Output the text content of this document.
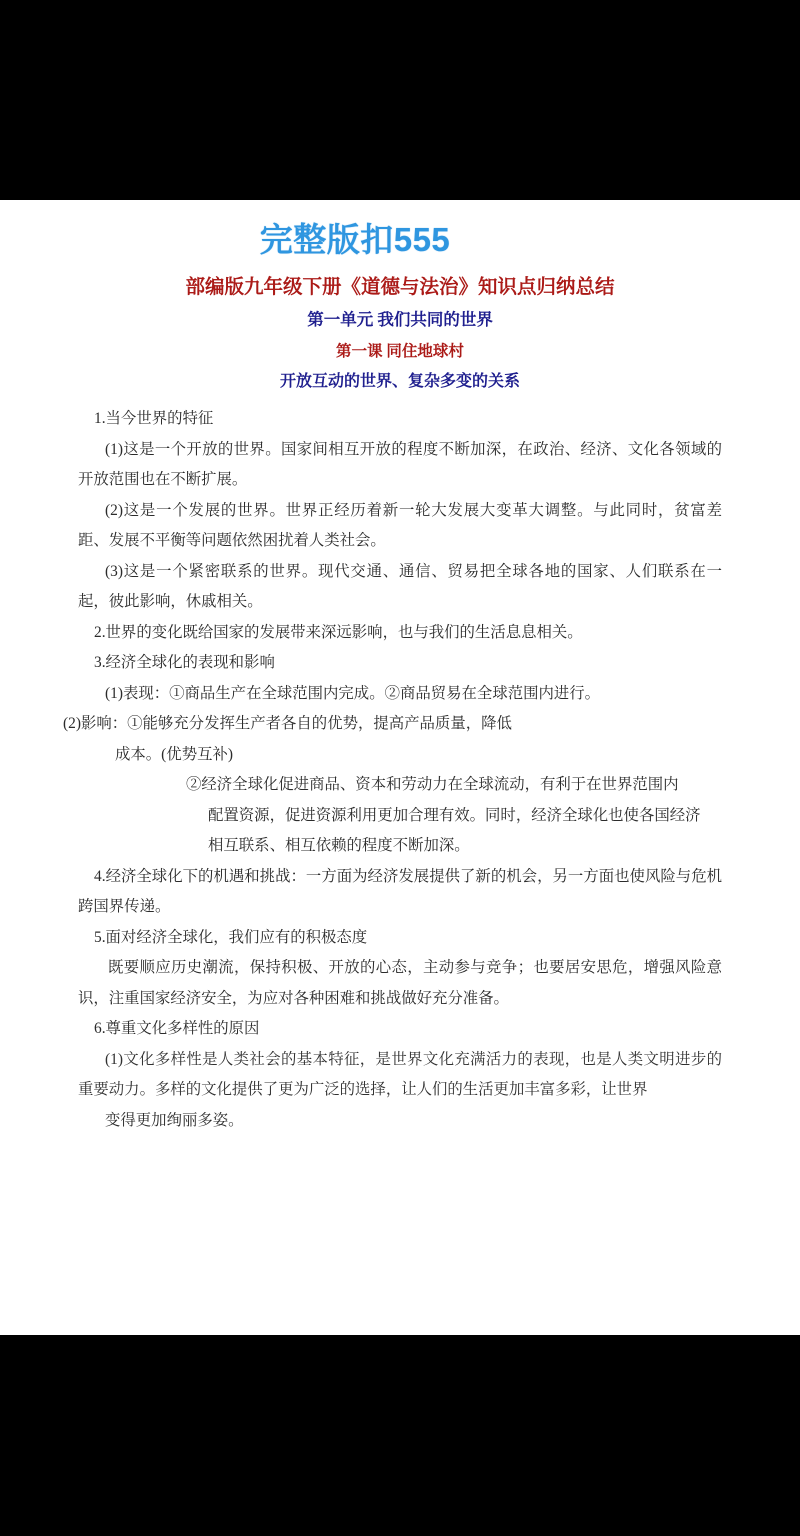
完整版扣555
部编版九年级下册《道德与法治》知识点归纳总结
第一单元 我们共同的世界
第一课 同住地球村
开放互动的世界、复杂多变的关系

1.当今世界的特征

(1)这是一个开放的世界。国家间相互开放的程度不断加深，在政治、经济、文化各领域的开放范围也在不断扩展。

(2)这是一个发展的世界。世界正经历着新一轮大发展大变革大调整。与此同时，贫富差距、发展不平衡等问题依然困扰着人类社会。

(3)这是一个紧密联系的世界。现代交通、通信、贸易把全球各地的国家、人们联系在一起，彼此影响，休戚相关。

2.世界的变化既给国家的发展带来深远影响，也与我们的生活息息相关。

3.经济全球化的表现和影响

(1)表现：①商品生产在全球范围内完成。②商品贸易在全球范围内进行。

(2)影响：①能够充分发挥生产者各自的优势，提高产品质量，降低
成本。(优势互补)

②经济全球化促进商品、资本和劳动力在全球流动，有利于在世界范围内
配置资源，促进资源利用更加合理有效。同时，经济全球化也使各国经济
相互联系、相互依赖的程度不断加深。

4.经济全球化下的机遇和挑战：一方面为经济发展提供了新的机会，另一方面也使风险与危机跨国界传递。

5.面对经济全球化，我们应有的积极态度

既要顺应历史潮流，保持积极、开放的心态，主动参与竞争；也要居安思危，增强风险意识，注重国家经济安全，为应对各种困难和挑战做好充分准备。

6.尊重文化多样性的原因

(1)文化多样性是人类社会的基本特征，是世界文化充满活力的表现，也是人类文明进步的重要动力。多样的文化提供了更为广泛的选择，让人们的生活更加丰富多彩，让世界

变得更加绚丽多姿。
